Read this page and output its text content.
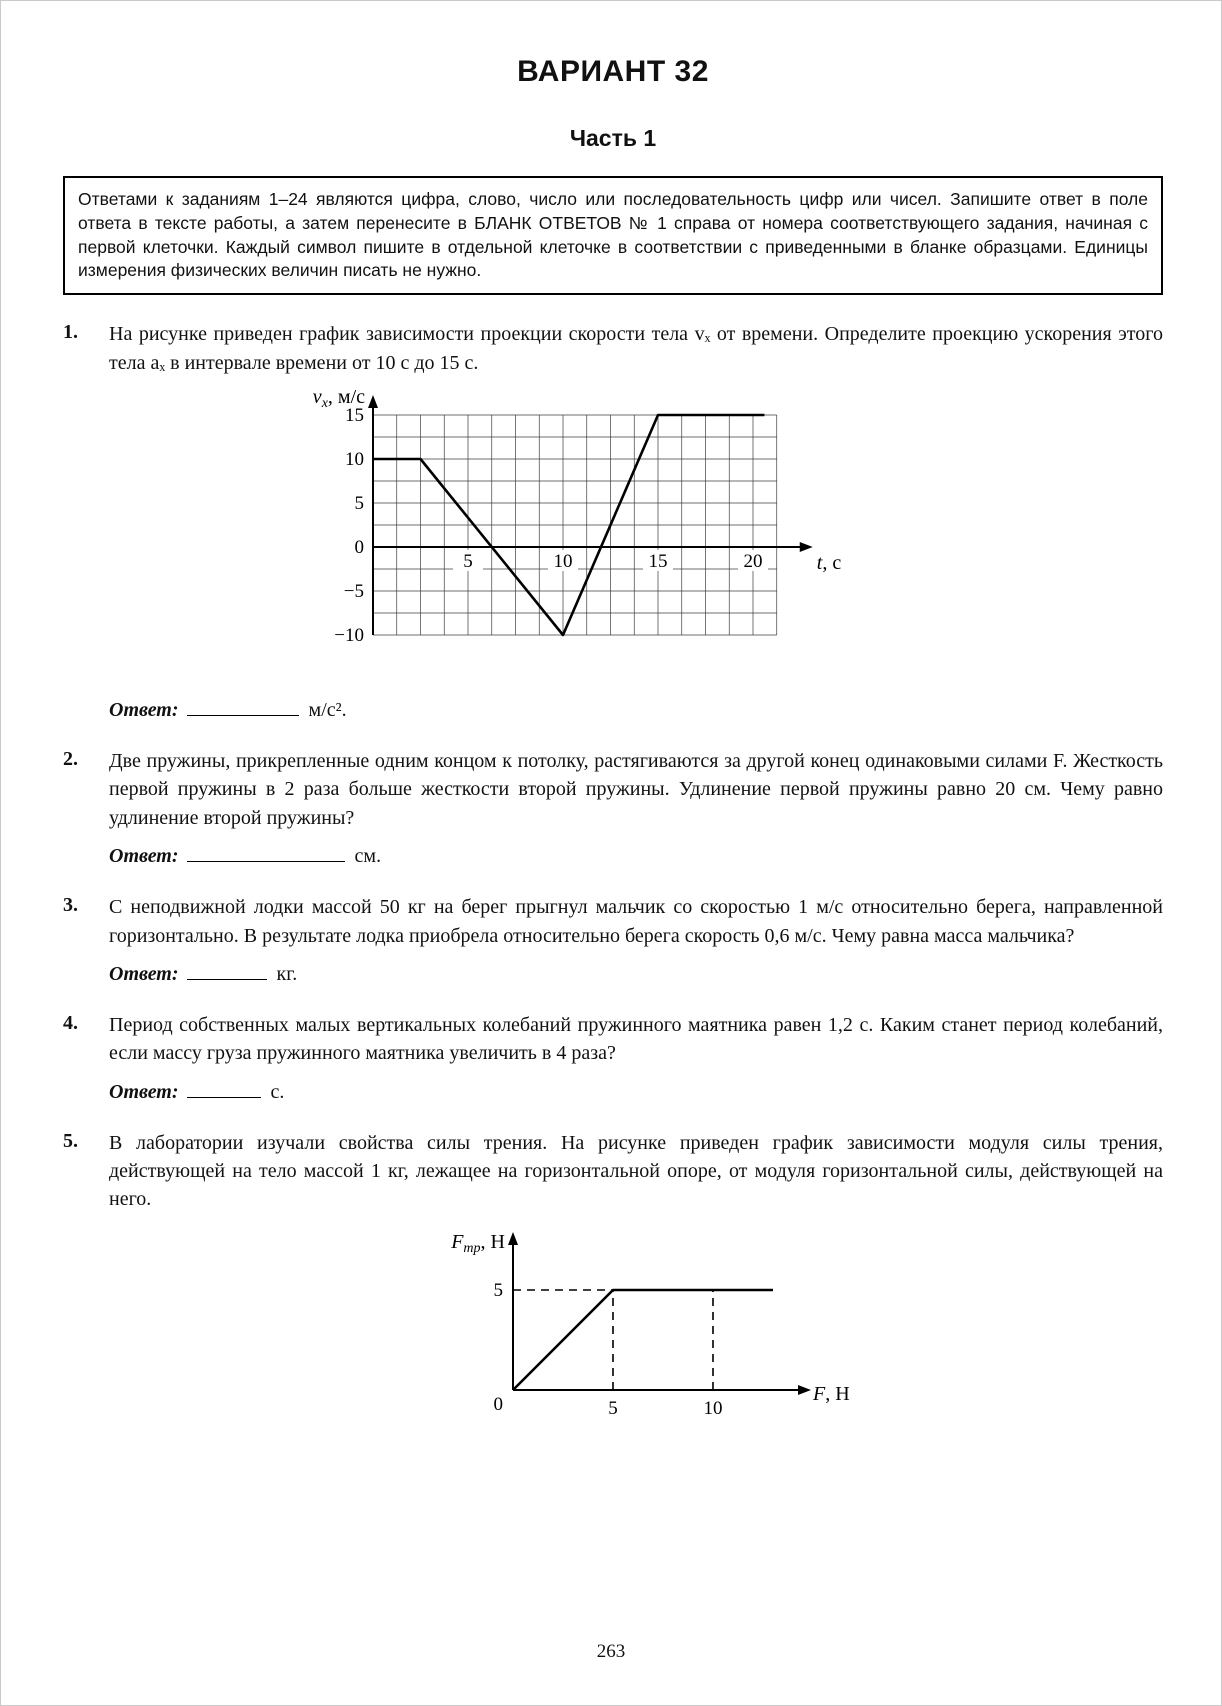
ВАРИАНТ 32
Часть 1

Ответами к заданиям 1–24 являются цифра, слово, число или последовательность цифр или чисел. Запишите ответ в поле ответа в тексте работы, а затем перенесите в БЛАНК ОТВЕТОВ № 1 справа от номера соответствующего задания, начиная с первой клеточки. Каждый символ пишите в отдельной клеточке в соответствии с приведенными в бланке образцами. Единицы измерения физических величин писать не нужно.

1.	На рисунке приведен график зависимости проекции скорости тела vₓ от времени. Определите проекцию ускорения этого тела aₓ в интервале времени от 10 с до 15 с.

15
10
5
0
−5
−10
5	10	15	20
$v_x$, м/с
t, с

Ответ:	м/с².

2.	Две пружины, прикрепленные одним концом к потолку, растягиваются за другой конец одинаковыми силами F. Жесткость первой пружины в 2 раза больше жесткости второй пружины. Удлинение первой пружины равно 20 см. Чему равно удлинение второй пружины?

Ответ:	см.

3.	С неподвижной лодки массой 50 кг на берег прыгнул мальчик со скоростью 1 м/с относительно берега, направленной горизонтально. В результате лодка приобрела относительно берега скорость 0,6 м/с. Чему равна масса мальчика?

Ответ:	кг.

4.	Период собственных малых вертикальных колебаний пружинного маятника равен 1,2 с. Каким станет период колебаний, если массу груза пружинного маятника увеличить в 4 раза?

Ответ:	с.

5.	В лаборатории изучали свойства силы трения. На рисунке приведен график зависимости модуля силы трения, действующей на тело массой 1 кг, лежащее на горизонтальной опоре, от модуля горизонтальной силы, действующей на него.

5	10
5
0
$F_{тр}$, Н
F, Н
263
